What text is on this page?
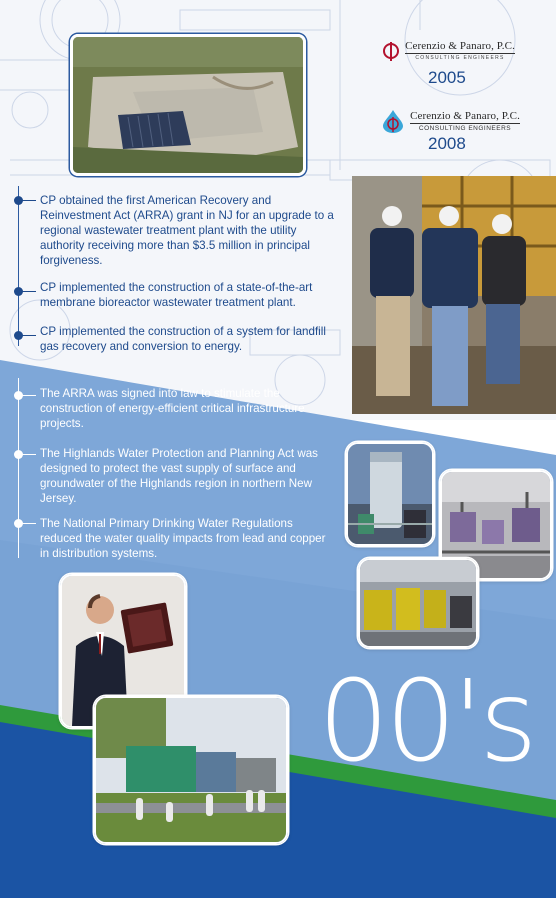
Cerenzio & Panaro, P.C.
CONSULTING ENGINEERS
2005
Cerenzio & Panaro, P.C.
CONSULTING ENGINEERS
2008
CP obtained the first American Recovery and Reinvestment Act (ARRA) grant in NJ for an upgrade to a regional wastewater treatment plant with the utility authority receiving more than $3.5 million in principal forgiveness.
CP implemented the construction of a state-of-the-art membrane bioreactor wastewater treatment plant.
CP implemented the construction of a system for landfill gas recovery and conversion to energy.
The ARRA was signed into law to stimulate the construction of energy-efficient critical infrastructure projects.
The Highlands Water Protection and Planning Act was designed to protect the vast supply of surface and groundwater of the Highlands region in northern New Jersey.
The National Primary Drinking Water Regulations reduced the water quality impacts from lead and copper in distribution systems.
00's
